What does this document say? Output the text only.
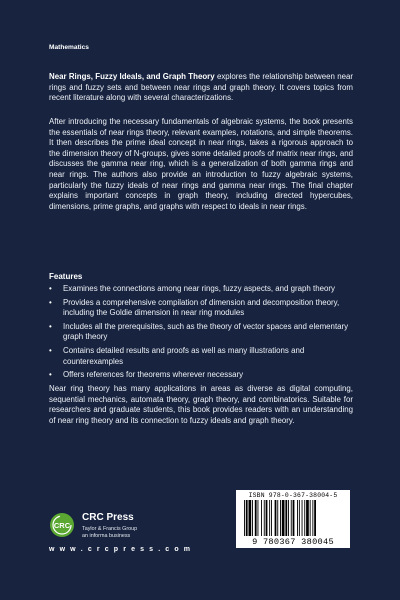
Mathematics
Near Rings, Fuzzy Ideals, and Graph Theory explores the relationship between near rings and fuzzy sets and between near rings and graph theory. It covers topics from recent literature along with several characterizations.
After introducing the necessary fundamentals of algebraic systems, the book presents the essentials of near rings theory, relevant examples, notations, and simple theorems. It then describes the prime ideal concept in near rings, takes a rigorous approach to the dimension theory of N-groups, gives some detailed proofs of matrix near rings, and discusses the gamma near ring, which is a generalization of both gamma rings and near rings. The authors also provide an introduction to fuzzy algebraic systems, particularly the fuzzy ideals of near rings and gamma near rings. The final chapter explains important concepts in graph theory, including directed hypercubes, dimensions, prime graphs, and graphs with respect to ideals in near rings.
Features
• Examines the connections among near rings, fuzzy aspects, and graph theory
• Provides a comprehensive compilation of dimension and decomposition theory, including the Goldie dimension in near ring modules
• Includes all the prerequisites, such as the theory of vector spaces and elementary graph theory
• Contains detailed results and proofs as well as many illustrations and counterexamples
• Offers references for theorems wherever necessary
Near ring theory has many applications in areas as diverse as digital computing, sequential mechanics, automata theory, graph theory, and combinatorics. Suitable for researchers and graduate students, this book provides readers with an understanding of near ring theory and its connection to fuzzy ideals and graph theory.
CRC
CRC Press
Taylor & Francis Group
an informa business
w w w . c r c p r e s s . c o m
ISBN 978-0-367-38004-5
9 780367 380045
